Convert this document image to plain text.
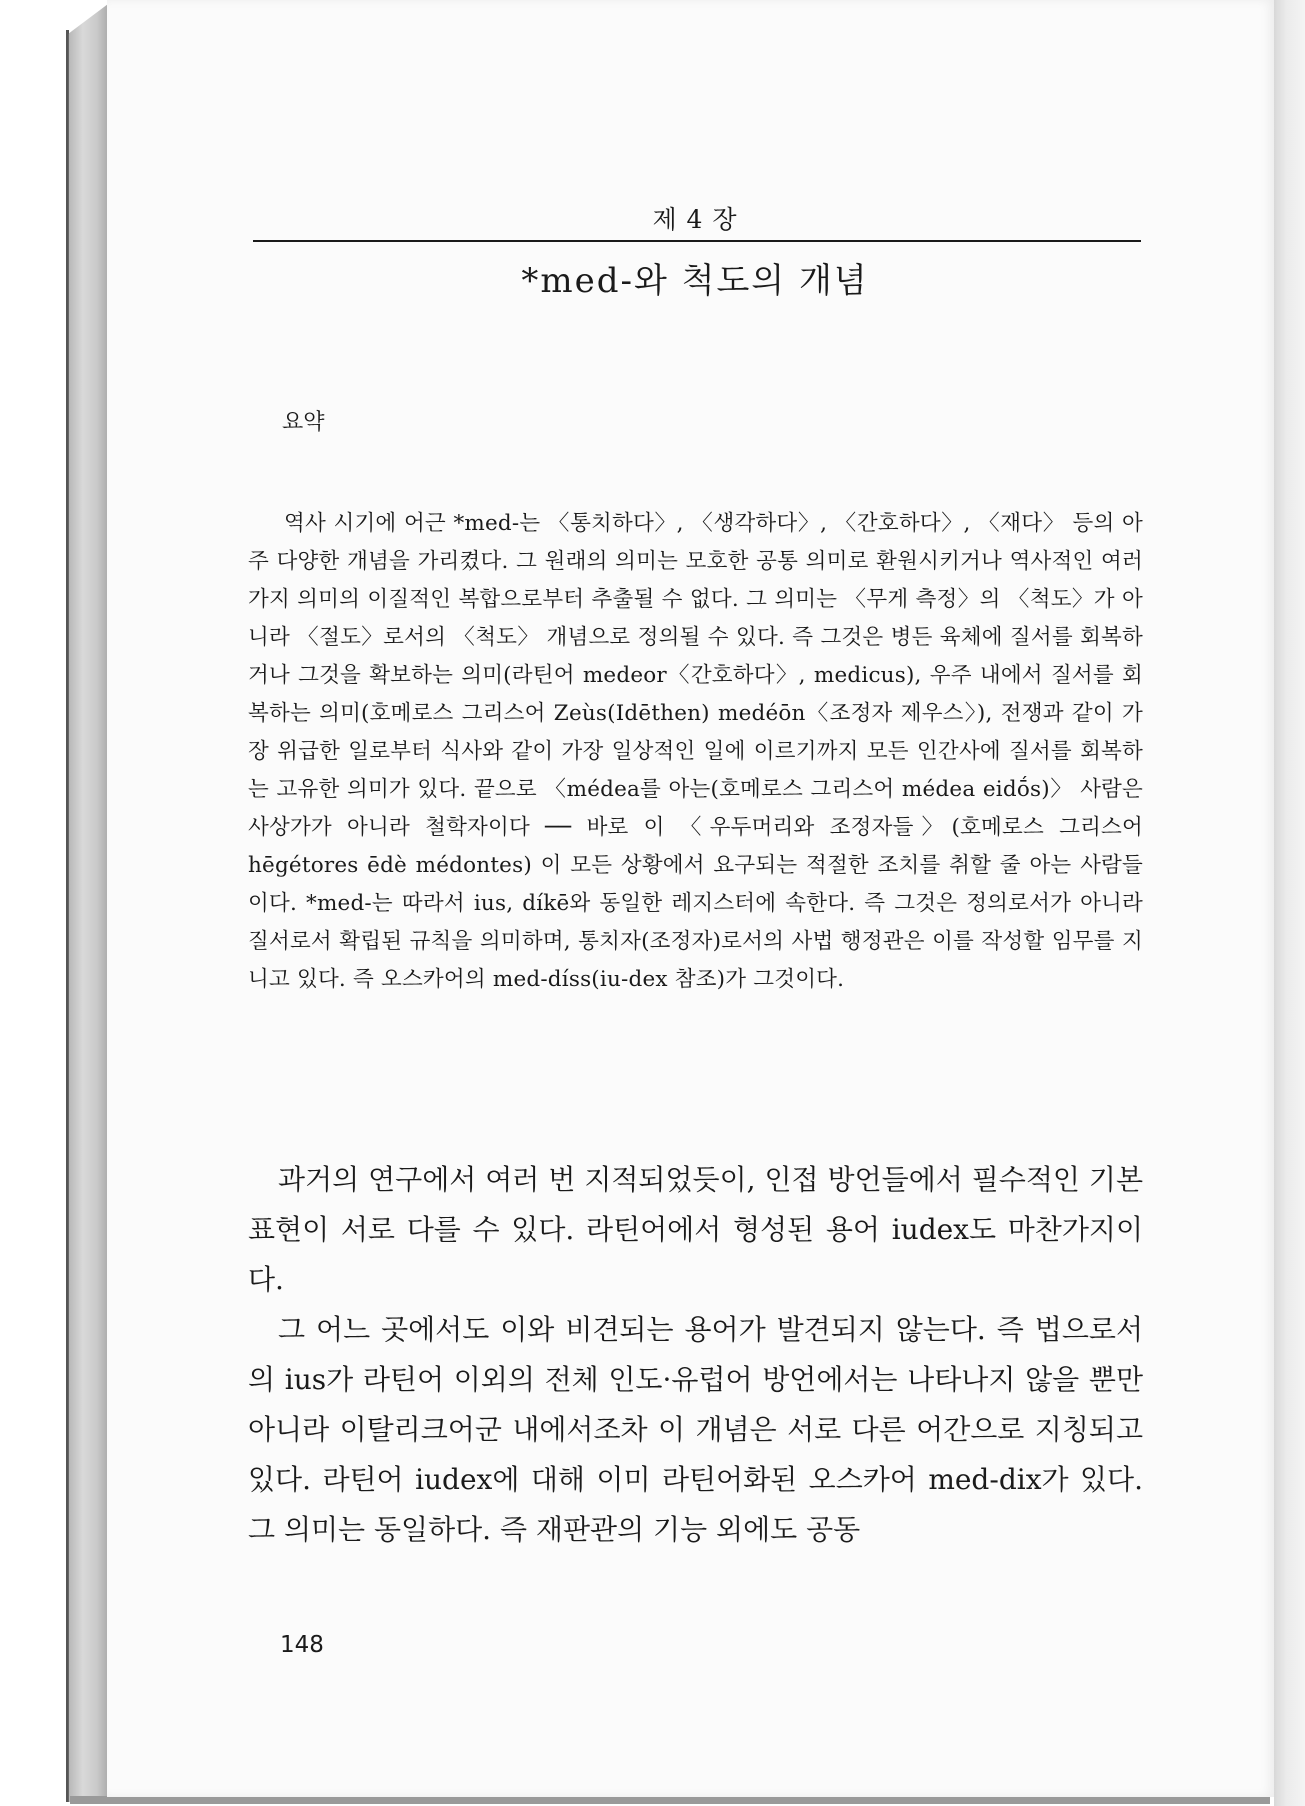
제 4 장
*med-와 척도의 개념
요약

역사 시기에 어근 *med-는 〈통치하다〉, 〈생각하다〉, 〈간호하다〉, 〈재다〉 등의 아주 다양한 개념을 가리켰다. 그 원래의 의미는 모호한 공통 의미로 환원시키거나 역사적인 여러 가지 의미의 이질적인 복합으로부터 추출될 수 없다. 그 의미는 〈무게 측정〉의 〈척도〉가 아니라 〈절도〉로서의 〈척도〉 개념으로 정의될 수 있다. 즉 그것은 병든 육체에 질서를 회복하거나 그것을 확보하는 의미(라틴어 medeor〈간호하다〉, medicus), 우주 내에서 질서를 회복하는 의미(호메로스 그리스어 Zeùs(Idēthen) medéōn〈조정자 제우스〉), 전쟁과 같이 가장 위급한 일로부터 식사와 같이 가장 일상적인 일에 이르기까지 모든 인간사에 질서를 회복하는 고유한 의미가 있다. 끝으로 〈médea를 아는(호메로스 그리스어 médea eidṓs)〉 사람은 사상가가 아니라 철학자이다 ── 바로 이 〈우두머리와 조정자들〉(호메로스 그리스어 hēgétores ēdè médontes) 이 모든 상황에서 요구되는 적절한 조치를 취할 줄 아는 사람들이다. *med-는 따라서 ius, díkē와 동일한 레지스터에 속한다. 즉 그것은 정의로서가 아니라 질서로서 확립된 규칙을 의미하며, 통치자(조정자)로서의 사법 행정관은 이를 작성할 임무를 지니고 있다. 즉 오스카어의 med-díss(iu-dex 참조)가 그것이다.

과거의 연구에서 여러 번 지적되었듯이, 인접 방언들에서 필수적인 기본 표현이 서로 다를 수 있다. 라틴어에서 형성된 용어 iudex도 마찬가지이다.

그 어느 곳에서도 이와 비견되는 용어가 발견되지 않는다. 즉 법으로서의 ius가 라틴어 이외의 전체 인도·유럽어 방언에서는 나타나지 않을 뿐만 아니라 이탈리크어군 내에서조차 이 개념은 서로 다른 어간으로 지칭되고 있다. 라틴어 iudex에 대해 이미 라틴어화된 오스카어 med-dix가 있다. 그 의미는 동일하다. 즉 재판관의 기능 외에도 공동

148
